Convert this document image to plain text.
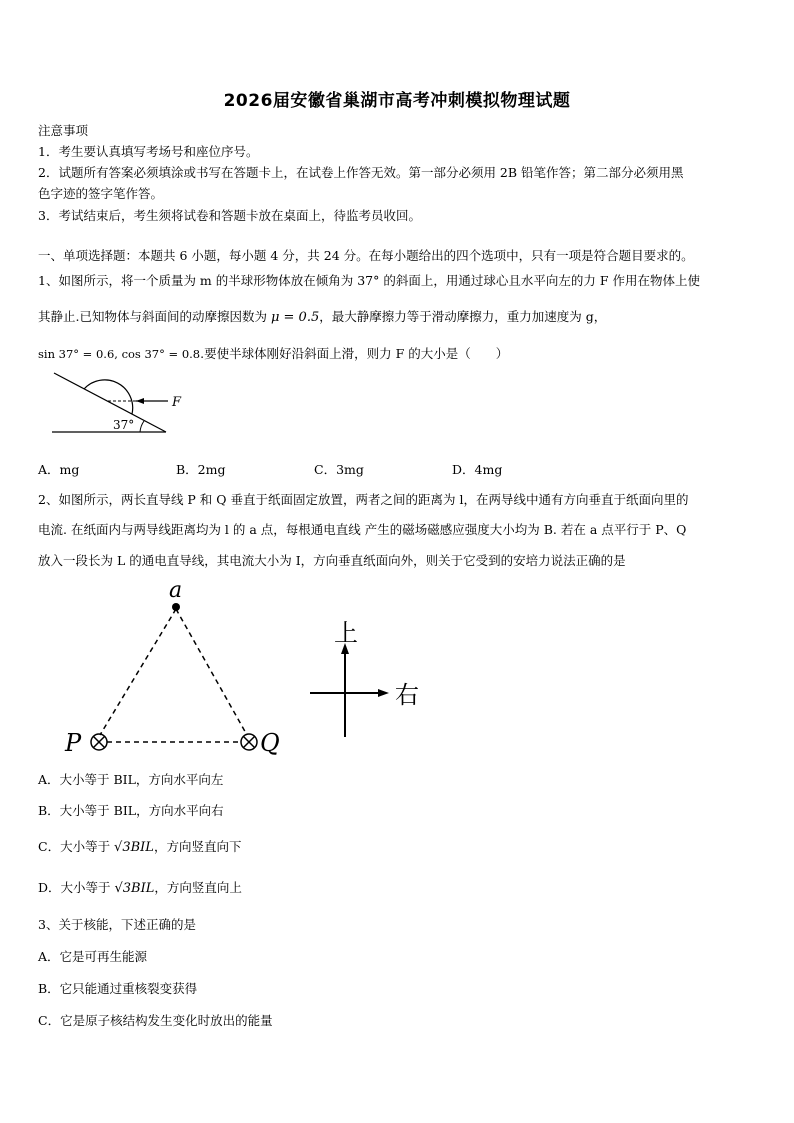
2026届安徽省巢湖市高考冲刺模拟物理试题
注意事项
1．考生要认真填写考场号和座位序号。
2．试题所有答案必须填涂或书写在答题卡上，在试卷上作答无效。第一部分必须用 2B 铅笔作答；第二部分必须用黑
色字迹的签字笔作答。
3．考试结束后，考生须将试卷和答题卡放在桌面上，待监考员收回。
一、单项选择题：本题共 6 小题，每小题 4 分，共 24 分。在每小题给出的四个选项中，只有一项是符合题目要求的。
1、如图所示，将一个质量为 m 的半球形物体放在倾角为 37° 的斜面上，用通过球心且水平向左的力 F 作用在物体上使
其静止.已知物体与斜面间的动摩擦因数为 μ = 0.5，最大静摩擦力等于滑动摩擦力，重力加速度为 g，
sin 37° = 0.6, cos 37° = 0.8.要使半球体刚好沿斜面上滑，则力 F 的大小是（　　）
F
37°
A．mg	B．2mg	C．3mg	D．4mg
2、如图所示，两长直导线 P 和 Q 垂直于纸面固定放置，两者之间的距离为 l，在两导线中通有方向垂直于纸面向里的
电流. 在纸面内与两导线距离均为 l 的 a 点，每根通电直线 产生的磁场磁感应强度大小均为 B. 若在 a 点平行于 P、Q
放入一段长为 L 的通电直导线，其电流大小为 I，方向垂直纸面向外，则关于它受到的安培力说法正确的是
a
P	Q
上
右
A．大小等于 BIL，方向水平向左
B．大小等于 BIL，方向水平向右
C．大小等于 √3BIL，方向竖直向下
D．大小等于 √3BIL，方向竖直向上
3、关于核能，下述正确的是
A．它是可再生能源
B．它只能通过重核裂变获得
C．它是原子核结构发生变化时放出的能量
